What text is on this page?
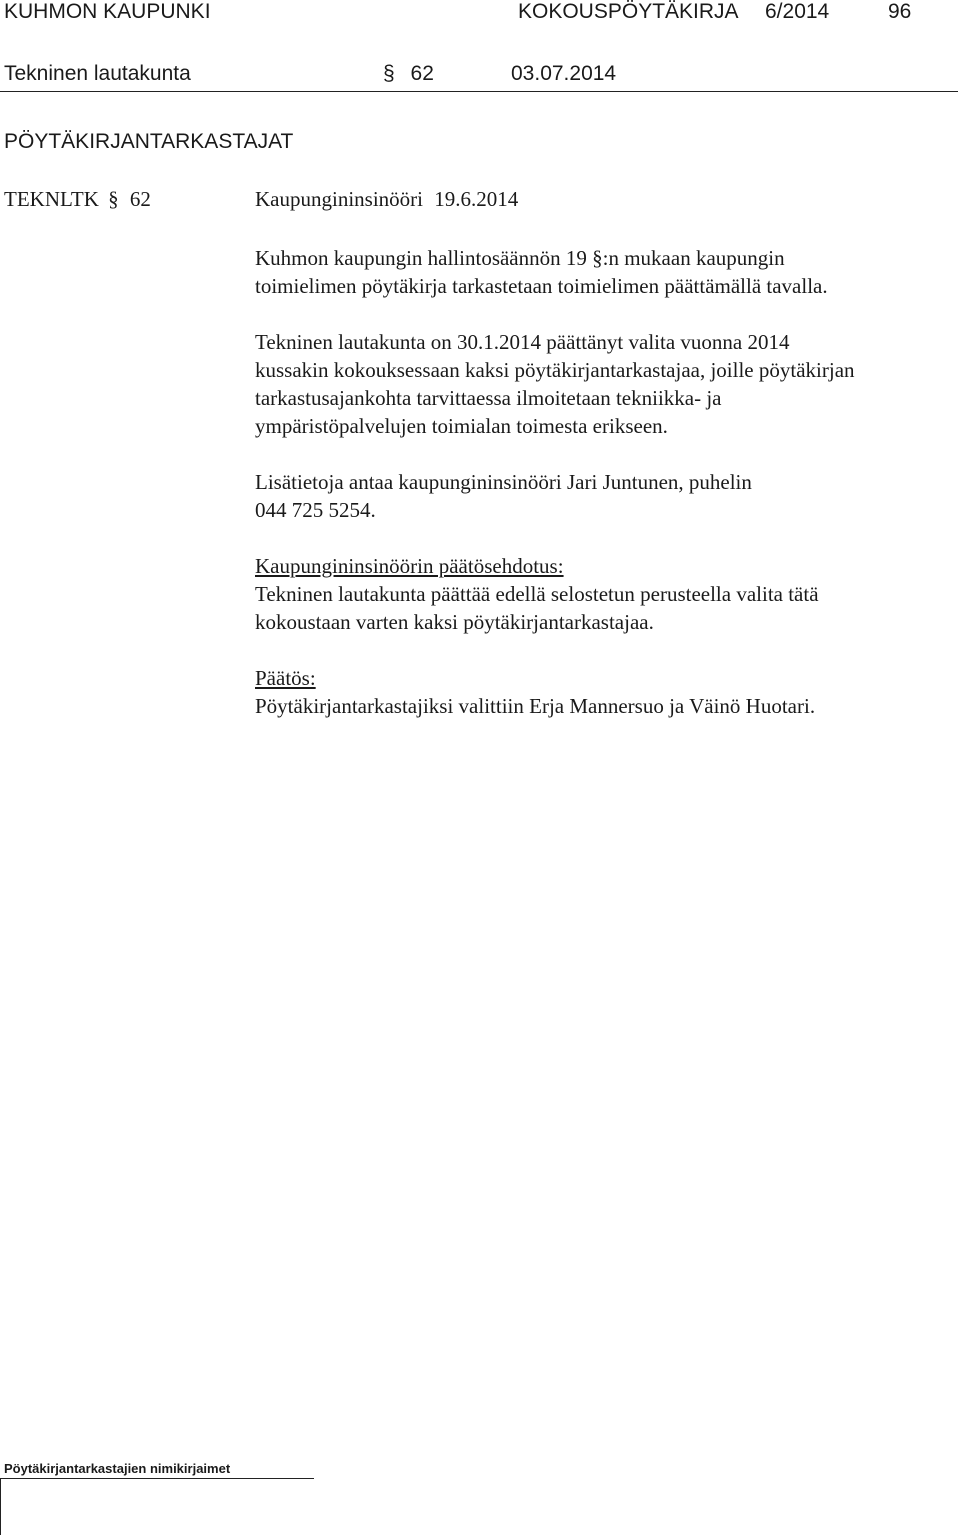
KUHMON KAUPUNKI	KOKOUSPÖYTÄKIRJA 6/2014	96
Tekninen lautakunta §	62	03.07.2014
PÖYTÄKIRJANTARKASTAJAT
TEKNLTK § 62	Kaupungininsinööri 19.6.2014
Kuhmon kaupungin hallintosäännön 19 § :n mukaan kaupungin
toimielimen pöytäkirja tarkastetaan toimielimen päättämällä tavalla.
Tekninen lautakunta on 30.1.2014 päättänyt valita vuonna 2014
kussakin kokouksessaan kaksi pöytäkirjantarkastajaa, joille pöytäkirjan
tarkastusajankohta tarvittaessa ilmoitetaan tekniikka- ja
ympäristöpalvelujen toimialan toimesta erikseen.
Lisätietoja antaa kaupungininsinööri Jari Juntunen, puhelin
044 725 5254.
Kaupungininsinöörin päätösehdotus:
Tekninen lautakunta päättää edellä selostetun perusteella valita tätä
kokoustaan varten kaksi pöytäkirjantarkastajaa.
Päätös:
Pöytäkirjantarkastajiksi valittiin Erja Mannersuo ja Väinö Huotari.
Pöytäkirjantarkastajien nimikirjaimet
